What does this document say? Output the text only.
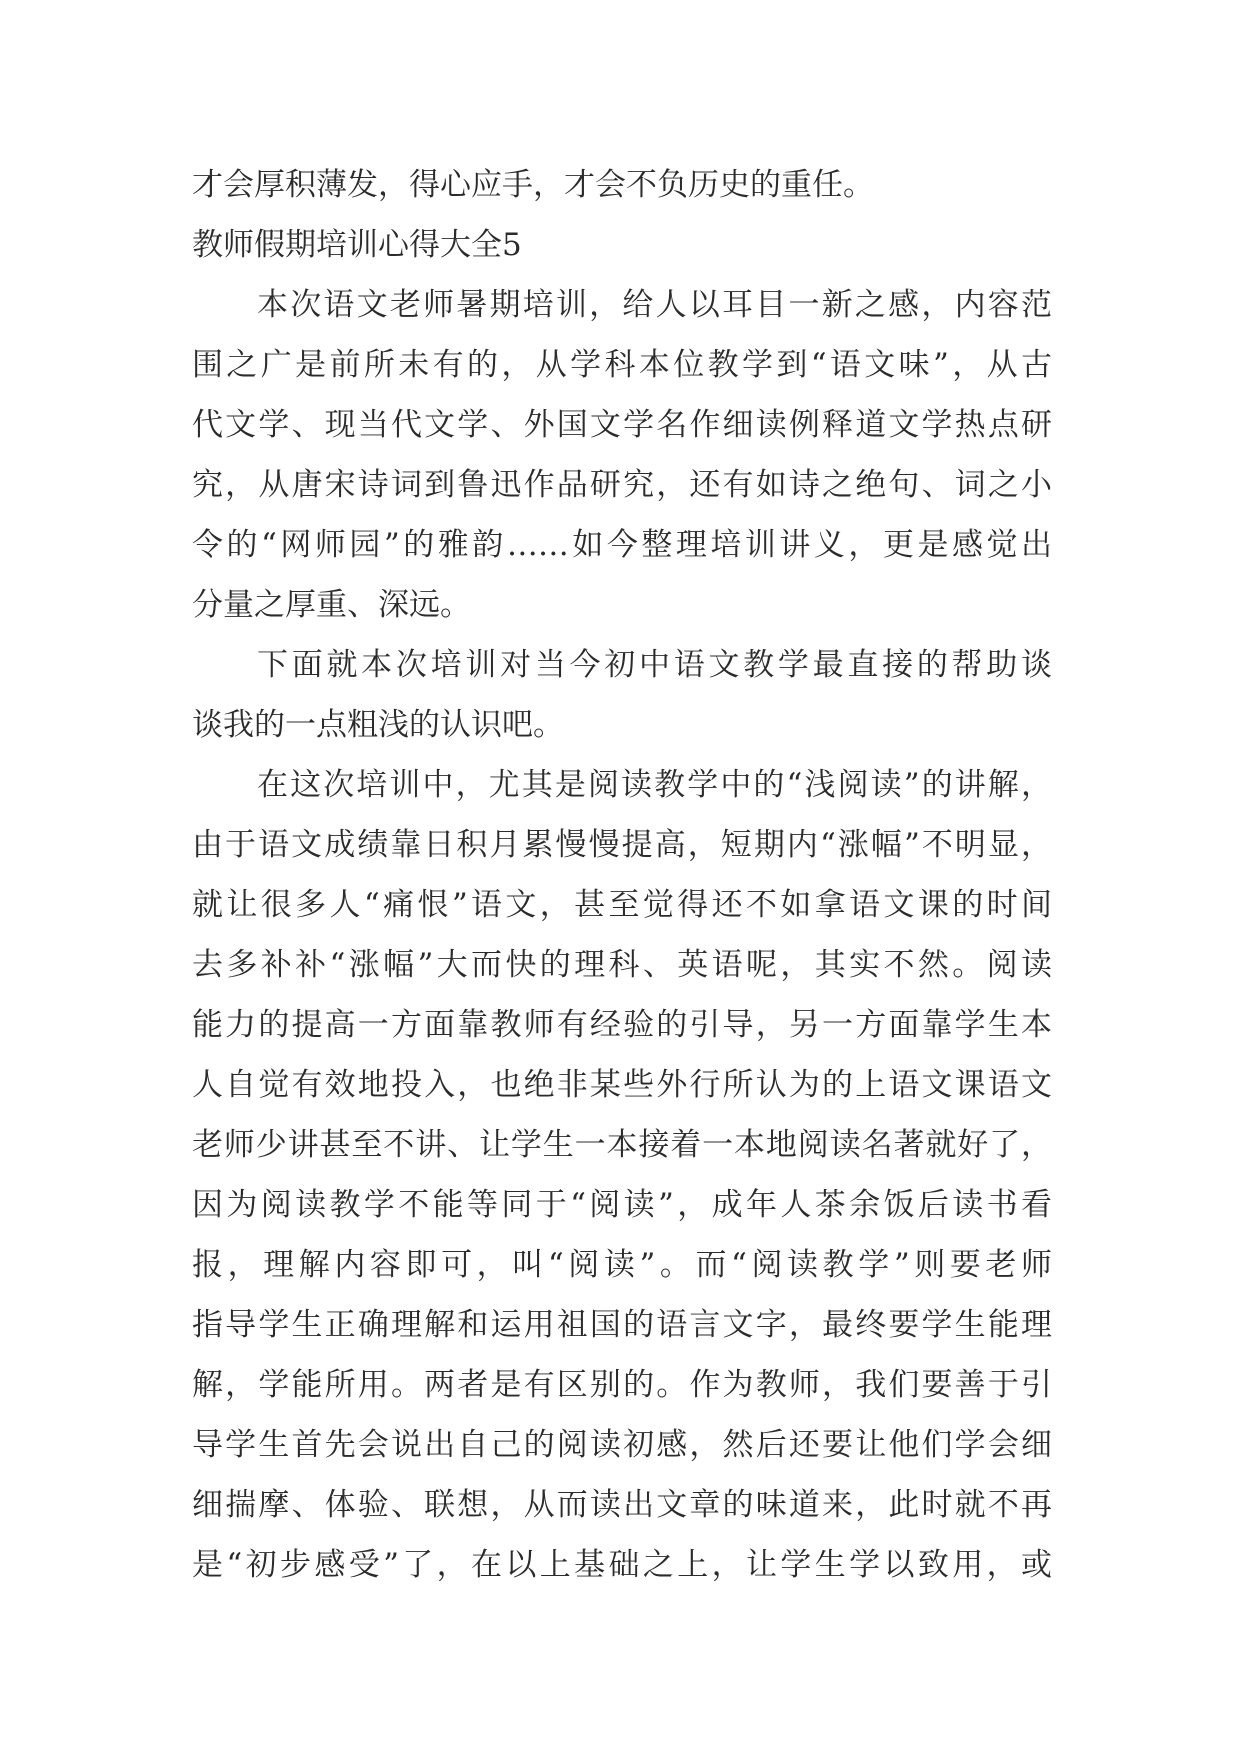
才会厚积薄发，得心应手，才会不负历史的重任。
教师假期培训心得大全5
本次语文老师暑期培训，给人以耳目一新之感，内容范
围之广是前所未有的，从学科本位教学到“语文味”，从古
代文学、现当代文学、外国文学名作细读例释道文学热点研
究，从唐宋诗词到鲁迅作品研究，还有如诗之绝句、词之小
令的“网师园”的雅韵……如今整理培训讲义，更是感觉出
分量之厚重、深远。
下面就本次培训对当今初中语文教学最直接的帮助谈
谈我的一点粗浅的认识吧。
在这次培训中，尤其是阅读教学中的“浅阅读”的讲解，
由于语文成绩靠日积月累慢慢提高，短期内“涨幅”不明显，
就让很多人“痛恨”语文，甚至觉得还不如拿语文课的时间
去多补补“涨幅”大而快的理科、英语呢，其实不然。阅读
能力的提高一方面靠教师有经验的引导，另一方面靠学生本
人自觉有效地投入，也绝非某些外行所认为的上语文课语文
老师少讲甚至不讲、让学生一本接着一本地阅读名著就好了，
因为阅读教学不能等同于“阅读”，成年人茶余饭后读书看
报，理解内容即可，叫“阅读”。而“阅读教学”则要老师
指导学生正确理解和运用祖国的语言文字，最终要学生能理
解，学能所用。两者是有区别的。作为教师，我们要善于引
导学生首先会说出自己的阅读初感，然后还要让他们学会细
细揣摩、体验、联想，从而读出文章的味道来，此时就不再
是“初步感受”了，在以上基础之上，让学生学以致用，或
